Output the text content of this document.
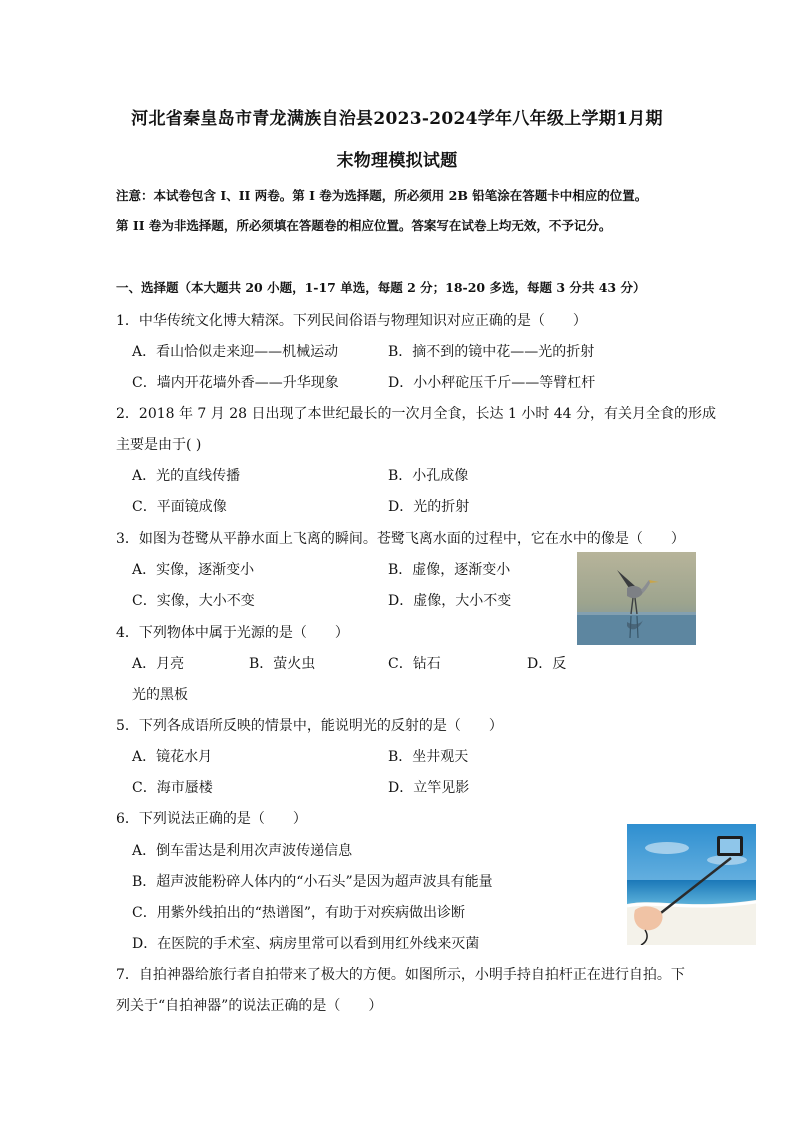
河北省秦皇岛市青龙满族自治县2023-2024学年八年级上学期1月期
末物理模拟试题
注意：本试卷包含 I、II 两卷。第 I 卷为选择题，所必须用 2B 铅笔涂在答题卡中相应的位置。
第 II 卷为非选择题，所必须填在答题卷的相应位置。答案写在试卷上均无效，不予记分。
一、选择题（本大题共 20 小题，1-17 单选，每题 2 分；18-20 多选，每题 3 分共 43 分）
1．中华传统文化博大精深。下列民间俗语与物理知识对应正确的是（　　）
A．看山恰似走来迎——机械运动	B．摘不到的镜中花——光的折射
C．墙内开花墙外香——升华现象	D．小小秤砣压千斤——等臂杠杆
2．2018 年 7 月 28 日出现了本世纪最长的一次月全食，长达 1 小时 44 分，有关月全食的形成
主要是由于( )
A．光的直线传播	B．小孔成像
C．平面镜成像	D．光的折射
3．如图为苍鹭从平静水面上飞离的瞬间。苍鹭飞离水面的过程中，它在水中的像是（　　）
A．实像，逐渐变小	B．虚像，逐渐变小
C．实像，大小不变	D．虚像，大小不变
4．下列物体中属于光源的是（　　）
A．月亮	B．萤火虫	C．钻石	D．反
光的黑板
5．下列各成语所反映的情景中，能说明光的反射的是（　　）
A．镜花水月	B．坐井观天
C．海市蜃楼	D．立竿见影
6．下列说法正确的是（　　）
A．倒车雷达是利用次声波传递信息
B．超声波能粉碎人体内的“小石头”是因为超声波具有能量
C．用紫外线拍出的“热谱图”，有助于对疾病做出诊断
D．在医院的手术室、病房里常可以看到用红外线来灭菌
7．自拍神器给旅行者自拍带来了极大的方便。如图所示，小明手持自拍杆正在进行自拍。下
列关于“自拍神器”的说法正确的是（　　）
